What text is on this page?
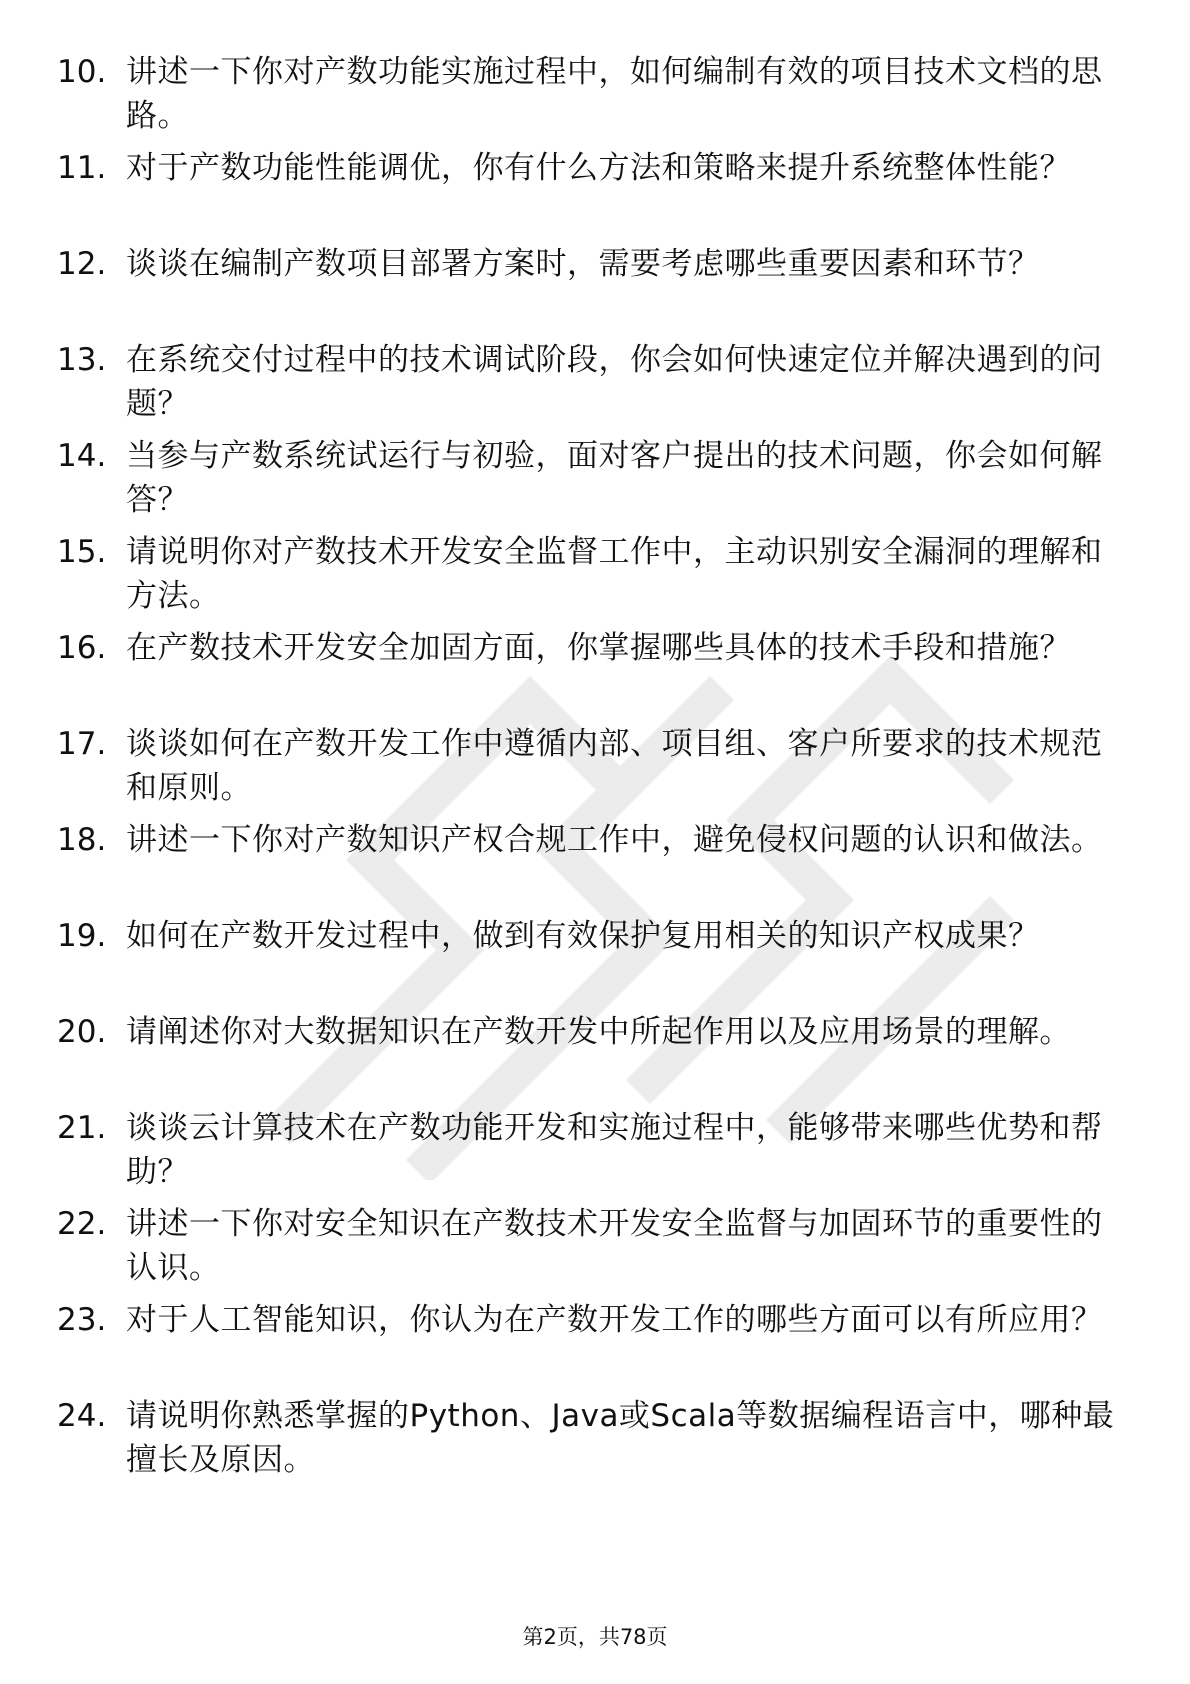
10. 讲述一下你对产数功能实施过程中，如何编制有效的项目技术文档的思路。
11. 对于产数功能性能调优，你有什么方法和策略来提升系统整体性能？
12. 谈谈在编制产数项目部署方案时，需要考虑哪些重要因素和环节？
13. 在系统交付过程中的技术调试阶段，你会如何快速定位并解决遇到的问题？
14. 当参与产数系统试运行与初验，面对客户提出的技术问题，你会如何解答？
15. 请说明你对产数技术开发安全监督工作中，主动识别安全漏洞的理解和方法。
16. 在产数技术开发安全加固方面，你掌握哪些具体的技术手段和措施？
17. 谈谈如何在产数开发工作中遵循内部、项目组、客户所要求的技术规范和原则。
18. 讲述一下你对产数知识产权合规工作中，避免侵权问题的认识和做法。
19. 如何在产数开发过程中，做到有效保护复用相关的知识产权成果？
20. 请阐述你对大数据知识在产数开发中所起作用以及应用场景的理解。
21. 谈谈云计算技术在产数功能开发和实施过程中，能够带来哪些优势和帮助？
22. 讲述一下你对安全知识在产数技术开发安全监督与加固环节的重要性的认识。
23. 对于人工智能知识，你认为在产数开发工作的哪些方面可以有所应用？
24. 请说明你熟悉掌握的Python、Java或Scala等数据编程语言中，哪种最擅长及原因。
第2页，共78页
